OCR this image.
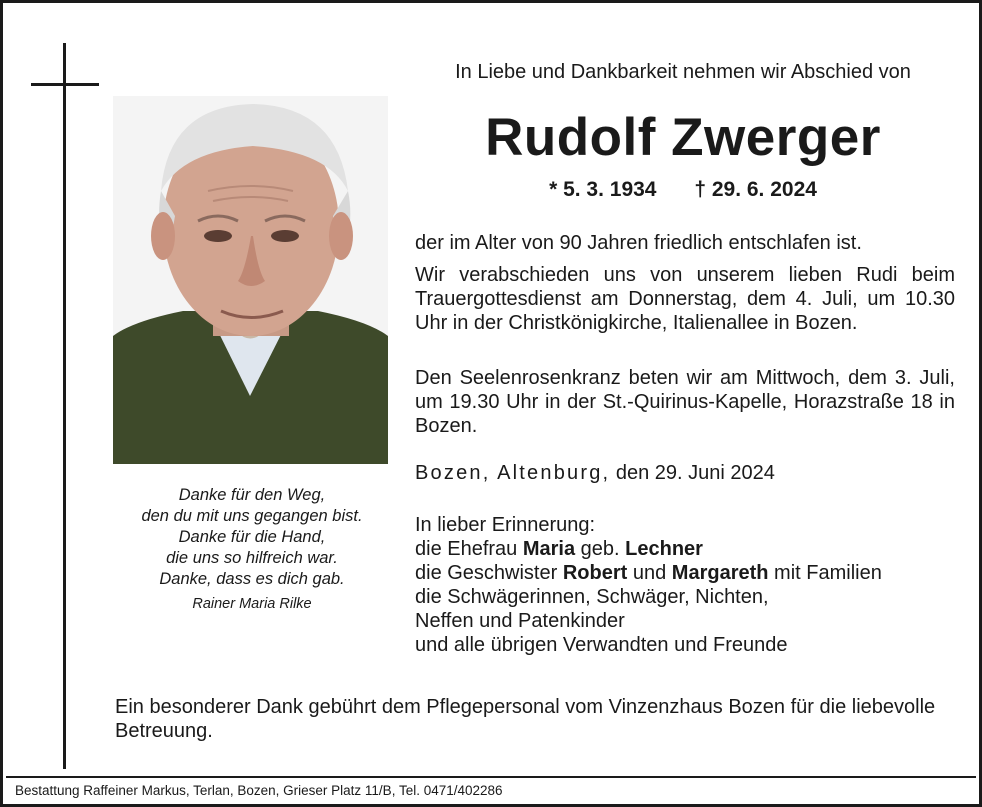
Danke für den Weg,
den du mit uns gegangen bist.
Danke für die Hand,
die uns so hilfreich war.
Danke, dass es dich gab.
Rainer Maria Rilke
In Liebe und Dankbarkeit nehmen wir Abschied von
Rudolf Zwerger
* 5. 3. 1934 † 29. 6. 2024
der im Alter von 90 Jahren friedlich entschlafen ist.
Wir verabschieden uns von unserem lieben Rudi beim Trauergottesdienst am Donnerstag, dem 4. Juli, um 10.30 Uhr in der Christkönigkirche, Italienallee in Bozen.
Den Seelenrosenkranz beten wir am Mittwoch, dem 3. Juli, um 19.30 Uhr in der St.-Quirinus-Kapelle, Horazstraße 18 in Bozen.
Bozen, Altenburg, den 29. Juni 2024
In lieber Erinnerung:
die Ehefrau Maria geb. Lechner
die Geschwister Robert und Margareth mit Familien
die Schwägerinnen, Schwäger, Nichten,
Neffen und Patenkinder
und alle übrigen Verwandten und Freunde
Ein besonderer Dank gebührt dem Pflegepersonal vom Vinzenzhaus Bozen für die liebevolle Betreuung.
Bestattung Raffeiner Markus, Terlan, Bozen, Grieser Platz 11/B, Tel. 0471/402286
